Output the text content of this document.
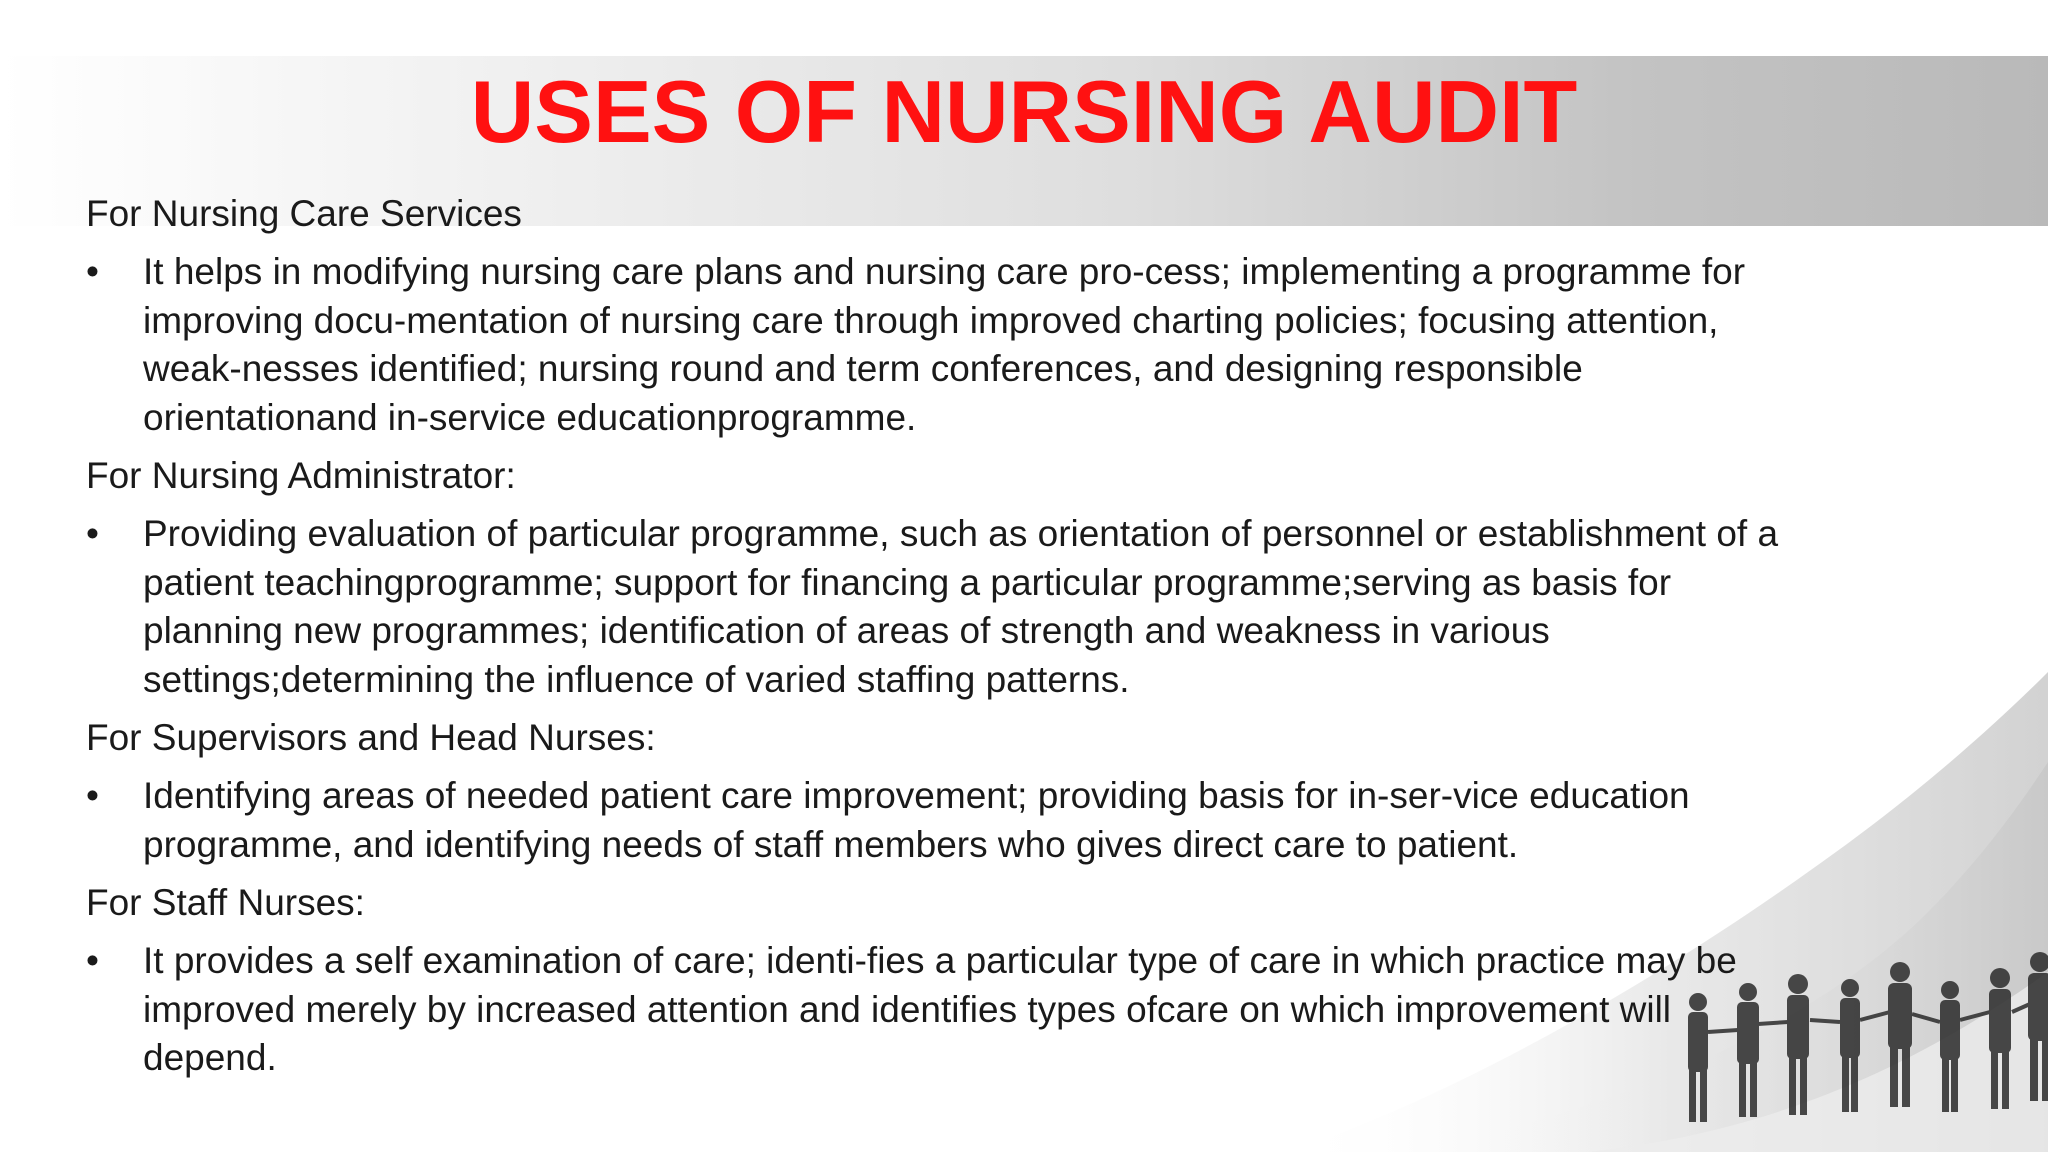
USES OF NURSING AUDIT

For Nursing Care Services

•	It helps in modifying nursing care plans and nursing care pro-cess; implementing a programme for
improving docu-mentation of nursing care through improved charting policies; focusing attention,
weak-nesses identified; nursing round and term conferences, and designing responsible
orientationand in-service educationprogramme.

For Nursing Administrator:

•	Providing evaluation of particular programme, such as orientation of personnel or establishment of a
patient teachingprogramme; support for financing a particular programme;serving as basis for
planning new programmes; identification of areas of strength and weakness in various
settings;determining the influence of varied staffing patterns.

For Supervisors and Head Nurses:

•	Identifying areas of needed patient care improvement; providing basis for in-ser-vice education
programme, and identifying needs of staff members who gives direct care to patient.

For Staff Nurses:

•	It provides a self examination of care; identi-fies a particular type of care in which practice may be
improved merely by increased attention and identifies types ofcare on which improvement will
depend.
